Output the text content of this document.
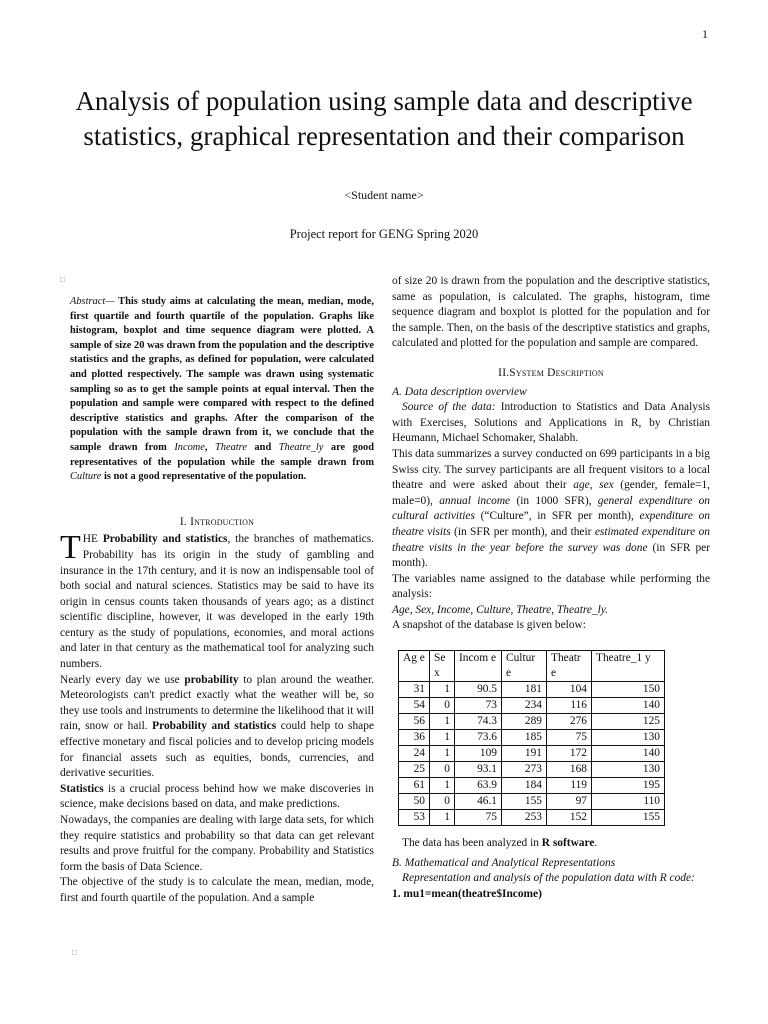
1
Analysis of population using sample data and descriptive statistics, graphical representation and their comparison
<Student name>
Project report for GENG Spring 2020
□
□

Abstract— This study aims at calculating the mean, median, mode, first quartile and fourth quartile of the population. Graphs like histogram, boxplot and time sequence diagram were plotted. A sample of size 20 was drawn from the population and the descriptive statistics and the graphs, as defined for population, were calculated and plotted respectively. The sample was drawn using systematic sampling so as to get the sample points at equal interval. Then the population and sample were compared with respect to the defined descriptive statistics and graphs. After the comparison of the population with the sample drawn from it, we conclude that the sample drawn from Income, Theatre and Theatre_ly are good representatives of the population while the sample drawn from Culture is not a good representative of the population.

I. Introduction

THE Probability and statistics, the branches of mathematics. Probability has its origin in the study of gambling and insurance in the 17th century, and it is now an indispensable tool of both social and natural sciences. Statistics may be said to have its origin in census counts taken thousands of years ago; as a distinct scientific discipline, however, it was developed in the early 19th century as the study of populations, economies, and moral actions and later in that century as the mathematical tool for analyzing such numbers.

Nearly every day we use probability to plan around the weather. Meteorologists can't predict exactly what the weather will be, so they use tools and instruments to determine the likelihood that it will rain, snow or hail. Probability and statistics could help to shape effective monetary and fiscal policies and to develop pricing models for financial assets such as equities, bonds, currencies, and derivative securities.

Statistics is a crucial process behind how we make discoveries in science, make decisions based on data, and make predictions.

Nowadays, the companies are dealing with large data sets, for which they require statistics and probability so that data can get relevant results and prove fruitful for the company. Probability and Statistics form the basis of Data Science.

The objective of the study is to calculate the mean, median, mode, first and fourth quartile of the population. And a sample

of size 20 is drawn from the population and the descriptive statistics, same as population, is calculated. The graphs, histogram, time sequence diagram and boxplot is plotted for the population and for the sample. Then, on the basis of the descriptive statistics and graphs, calculated and plotted for the population and sample are compared.

II.System Description

A. Data description overview

Source of the data: Introduction to Statistics and Data Analysis with Exercises, Solutions and Applications in R, by Christian Heumann, Michael Schomaker, Shalabh.

This data summarizes a survey conducted on 699 participants in a big Swiss city. The survey participants are all frequent visitors to a local theatre and were asked about their age, sex (gender, female=1, male=0), annual income (in 1000 SFR), general expenditure on cultural activities (“Culture”, in SFR per month), expenditure on theatre visits (in SFR per month), and their estimated expenditure on theatre visits in the year before the survey was done (in SFR per month).

The variables name assigned to the database while performing the analysis:

Age, Sex, Income, Culture, Theatre, Theatre_ly.

A snapshot of the database is given below:

Ag e	Se x	Incom e	Cultur e	Theatr e	Theatre_1 y
31	1	90.5	181	104	150
54	0	73	234	116	140
56	1	74.3	289	276	125
36	1	73.6	185	75	130
24	1	109	191	172	140
25	0	93.1	273	168	130
61	1	63.9	184	119	195
50	0	46.1	155	97	110
53	1	75	253	152	155

The data has been analyzed in R software.

B. Mathematical and Analytical Representations

Representation and analysis of the population data with R code:

1. mu1=mean(theatre$Income)
